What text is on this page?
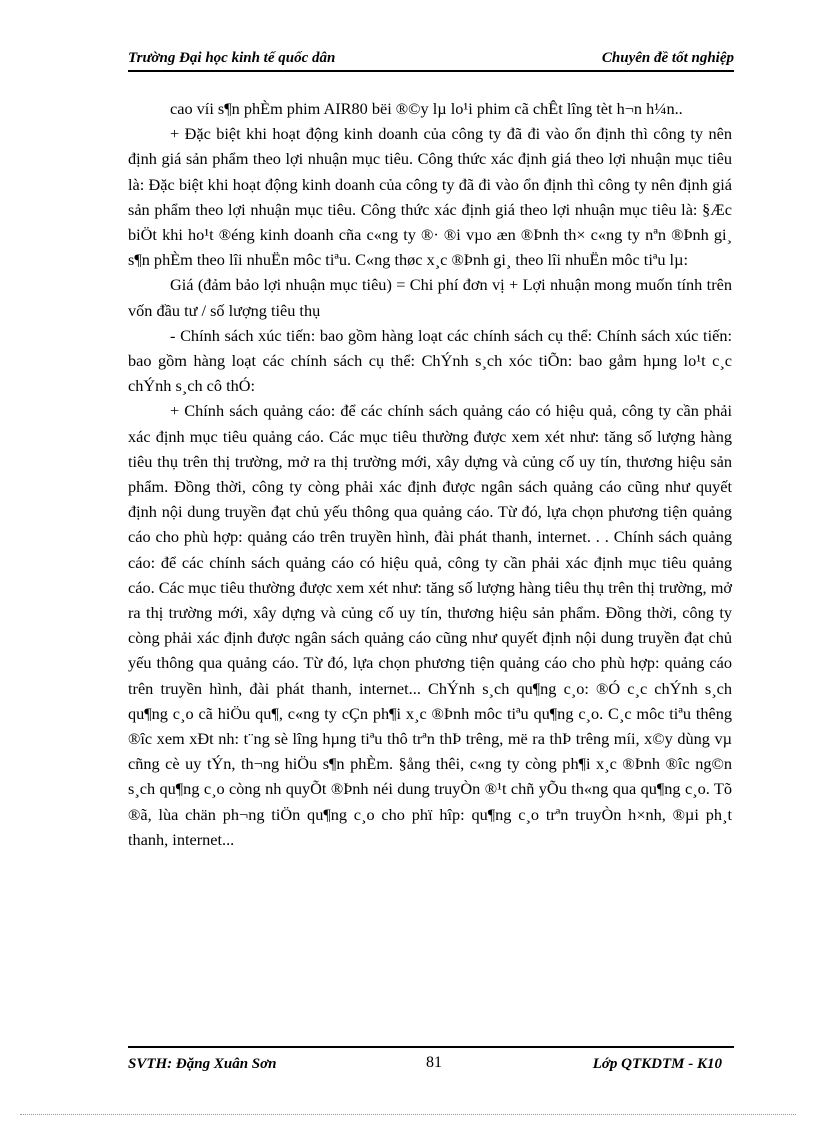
Trường Đại học kinh tế quốc dân	Chuyên đề tốt nghiệp

cao víi s¶n phÈm phim AIR80 bëi ®©y lµ lo¹i phim cã chÊt lîng tèt h¬n h¼n..

+ Đặc biệt khi hoạt động kinh doanh của công ty đã đi vào ổn định thì công ty nên định giá sản phẩm theo lợi nhuận mục tiêu. Công thức xác định giá theo lợi nhuận mục tiêu là: Đặc biệt khi hoạt động kinh doanh của công ty đã đi vào ổn định thì công ty nên định giá sản phẩm theo lợi nhuận mục tiêu. Công thức xác định giá theo lợi nhuận mục tiêu là: §Æc biÖt khi ho¹t ®éng kinh doanh cña c«ng ty ®· ®i vµo æn ®Þnh th× c«ng ty nªn ®Þnh gi¸ s¶n phÈm theo lîi nhuËn môc tiªu. C«ng thøc x¸c ®Þnh gi¸ theo lîi nhuËn môc tiªu lµ:

Giá (đảm bảo lợi nhuận mục tiêu) = Chi phí đơn vị + Lợi nhuận mong muốn tính trên vốn đầu tư / số lượng tiêu thụ

- Chính sách xúc tiến: bao gồm hàng loạt các chính sách cụ thể: Chính sách xúc tiến: bao gồm hàng loạt các chính sách cụ thể: ChÝnh s¸ch xóc tiÕn: bao gåm hµng lo¹t c¸c chÝnh s¸ch cô thÓ:

+ Chính sách quảng cáo: để các chính sách quảng cáo có hiệu quả, công ty cần phải xác định mục tiêu quảng cáo. Các mục tiêu thường được xem xét như: tăng số lượng hàng tiêu thụ trên thị trường, mở ra thị trường mới, xây dựng và củng cố uy tín, thương hiệu sản phẩm. Đồng thời, công ty còng phải xác định được ngân sách quảng cáo cũng như quyết định nội dung truyền đạt chủ yếu thông qua quảng cáo. Từ đó, lựa chọn phương tiện quảng cáo cho phù hợp: quảng cáo trên truyền hình, đài phát thanh, internet. . . Chính sách quảng cáo: để các chính sách quảng cáo có hiệu quả, công ty cần phải xác định mục tiêu quảng cáo. Các mục tiêu thường được xem xét như: tăng số lượng hàng tiêu thụ trên thị trường, mở ra thị trường mới, xây dựng và củng cố uy tín, thương hiệu sản phẩm. Đồng thời, công ty còng phải xác định được ngân sách quảng cáo cũng như quyết định nội dung truyền đạt chủ yếu thông qua quảng cáo. Từ đó, lựa chọn phương tiện quảng cáo cho phù hợp: quảng cáo trên truyền hình, đài phát thanh, internet... ChÝnh s¸ch qu¶ng c¸o: ®Ó c¸c chÝnh s¸ch qu¶ng c¸o cã hiÖu qu¶, c«ng ty cÇn ph¶i x¸c ®Þnh môc tiªu qu¶ng c¸o. C¸c môc tiªu thêng ®îc xem xÐt nh: t¨ng sè lîng hµng tiªu thô trªn thÞ trêng, më ra thÞ trêng míi, x©y dùng vµ cñng cè uy tÝn, th¬ng hiÖu s¶n phÈm. §ång thêi, c«ng ty còng ph¶i x¸c ®Þnh ®îc ng©n s¸ch qu¶ng c¸o còng nh quyÕt ®Þnh néi dung truyÒn ®¹t chñ yÕu th«ng qua qu¶ng c¸o. Tõ ®ã, lùa chän ph¬ng tiÖn qu¶ng c¸o cho phï hîp: qu¶ng c¸o trªn truyÒn h×nh, ®µi ph¸t thanh, internet...

SVTH: Đặng Xuân Sơn	81	Lớp QTKDTM - K10
